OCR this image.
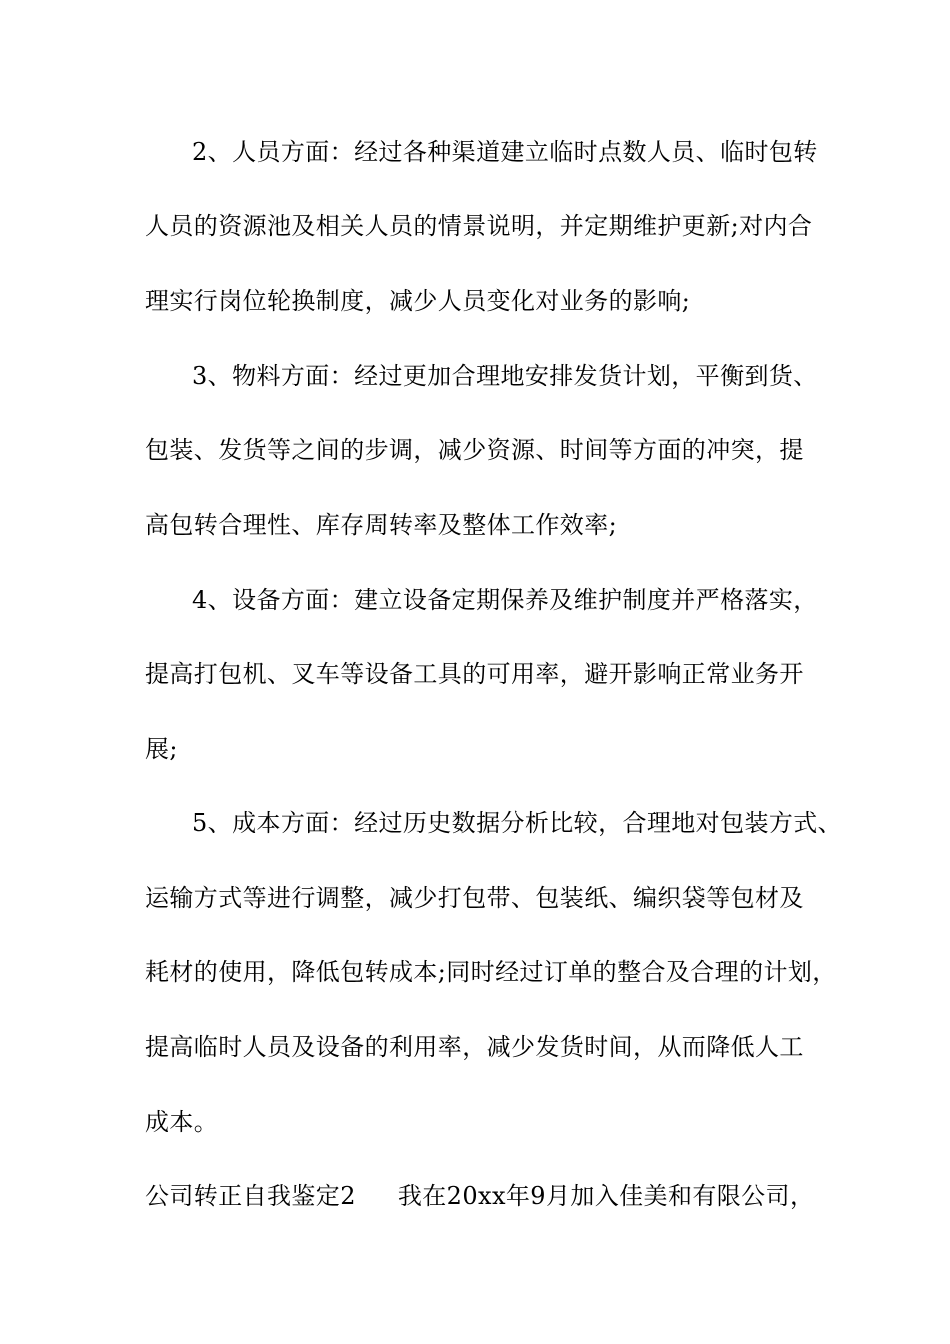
2、人员方面：经过各种渠道建立临时点数人员、临时包转
人员的资源池及相关人员的情景说明，并定期维护更新;对内合
理实行岗位轮换制度，减少人员变化对业务的影响;
3、物料方面：经过更加合理地安排发货计划，平衡到货、
包装、发货等之间的步调，减少资源、时间等方面的冲突，提
高包转合理性、库存周转率及整体工作效率;
4、设备方面：建立设备定期保养及维护制度并严格落实，
提高打包机、叉车等设备工具的可用率，避开影响正常业务开
展;
5、成本方面：经过历史数据分析比较，合理地对包装方式、
运输方式等进行调整，减少打包带、包装纸、编织袋等包材及
耗材的使用，降低包转成本;同时经过订单的整合及合理的计划，
提高临时人员及设备的利用率，减少发货时间，从而降低人工
成本。
公司转正自我鉴定2 我在20xx年9月加入佳美和有限公司，
